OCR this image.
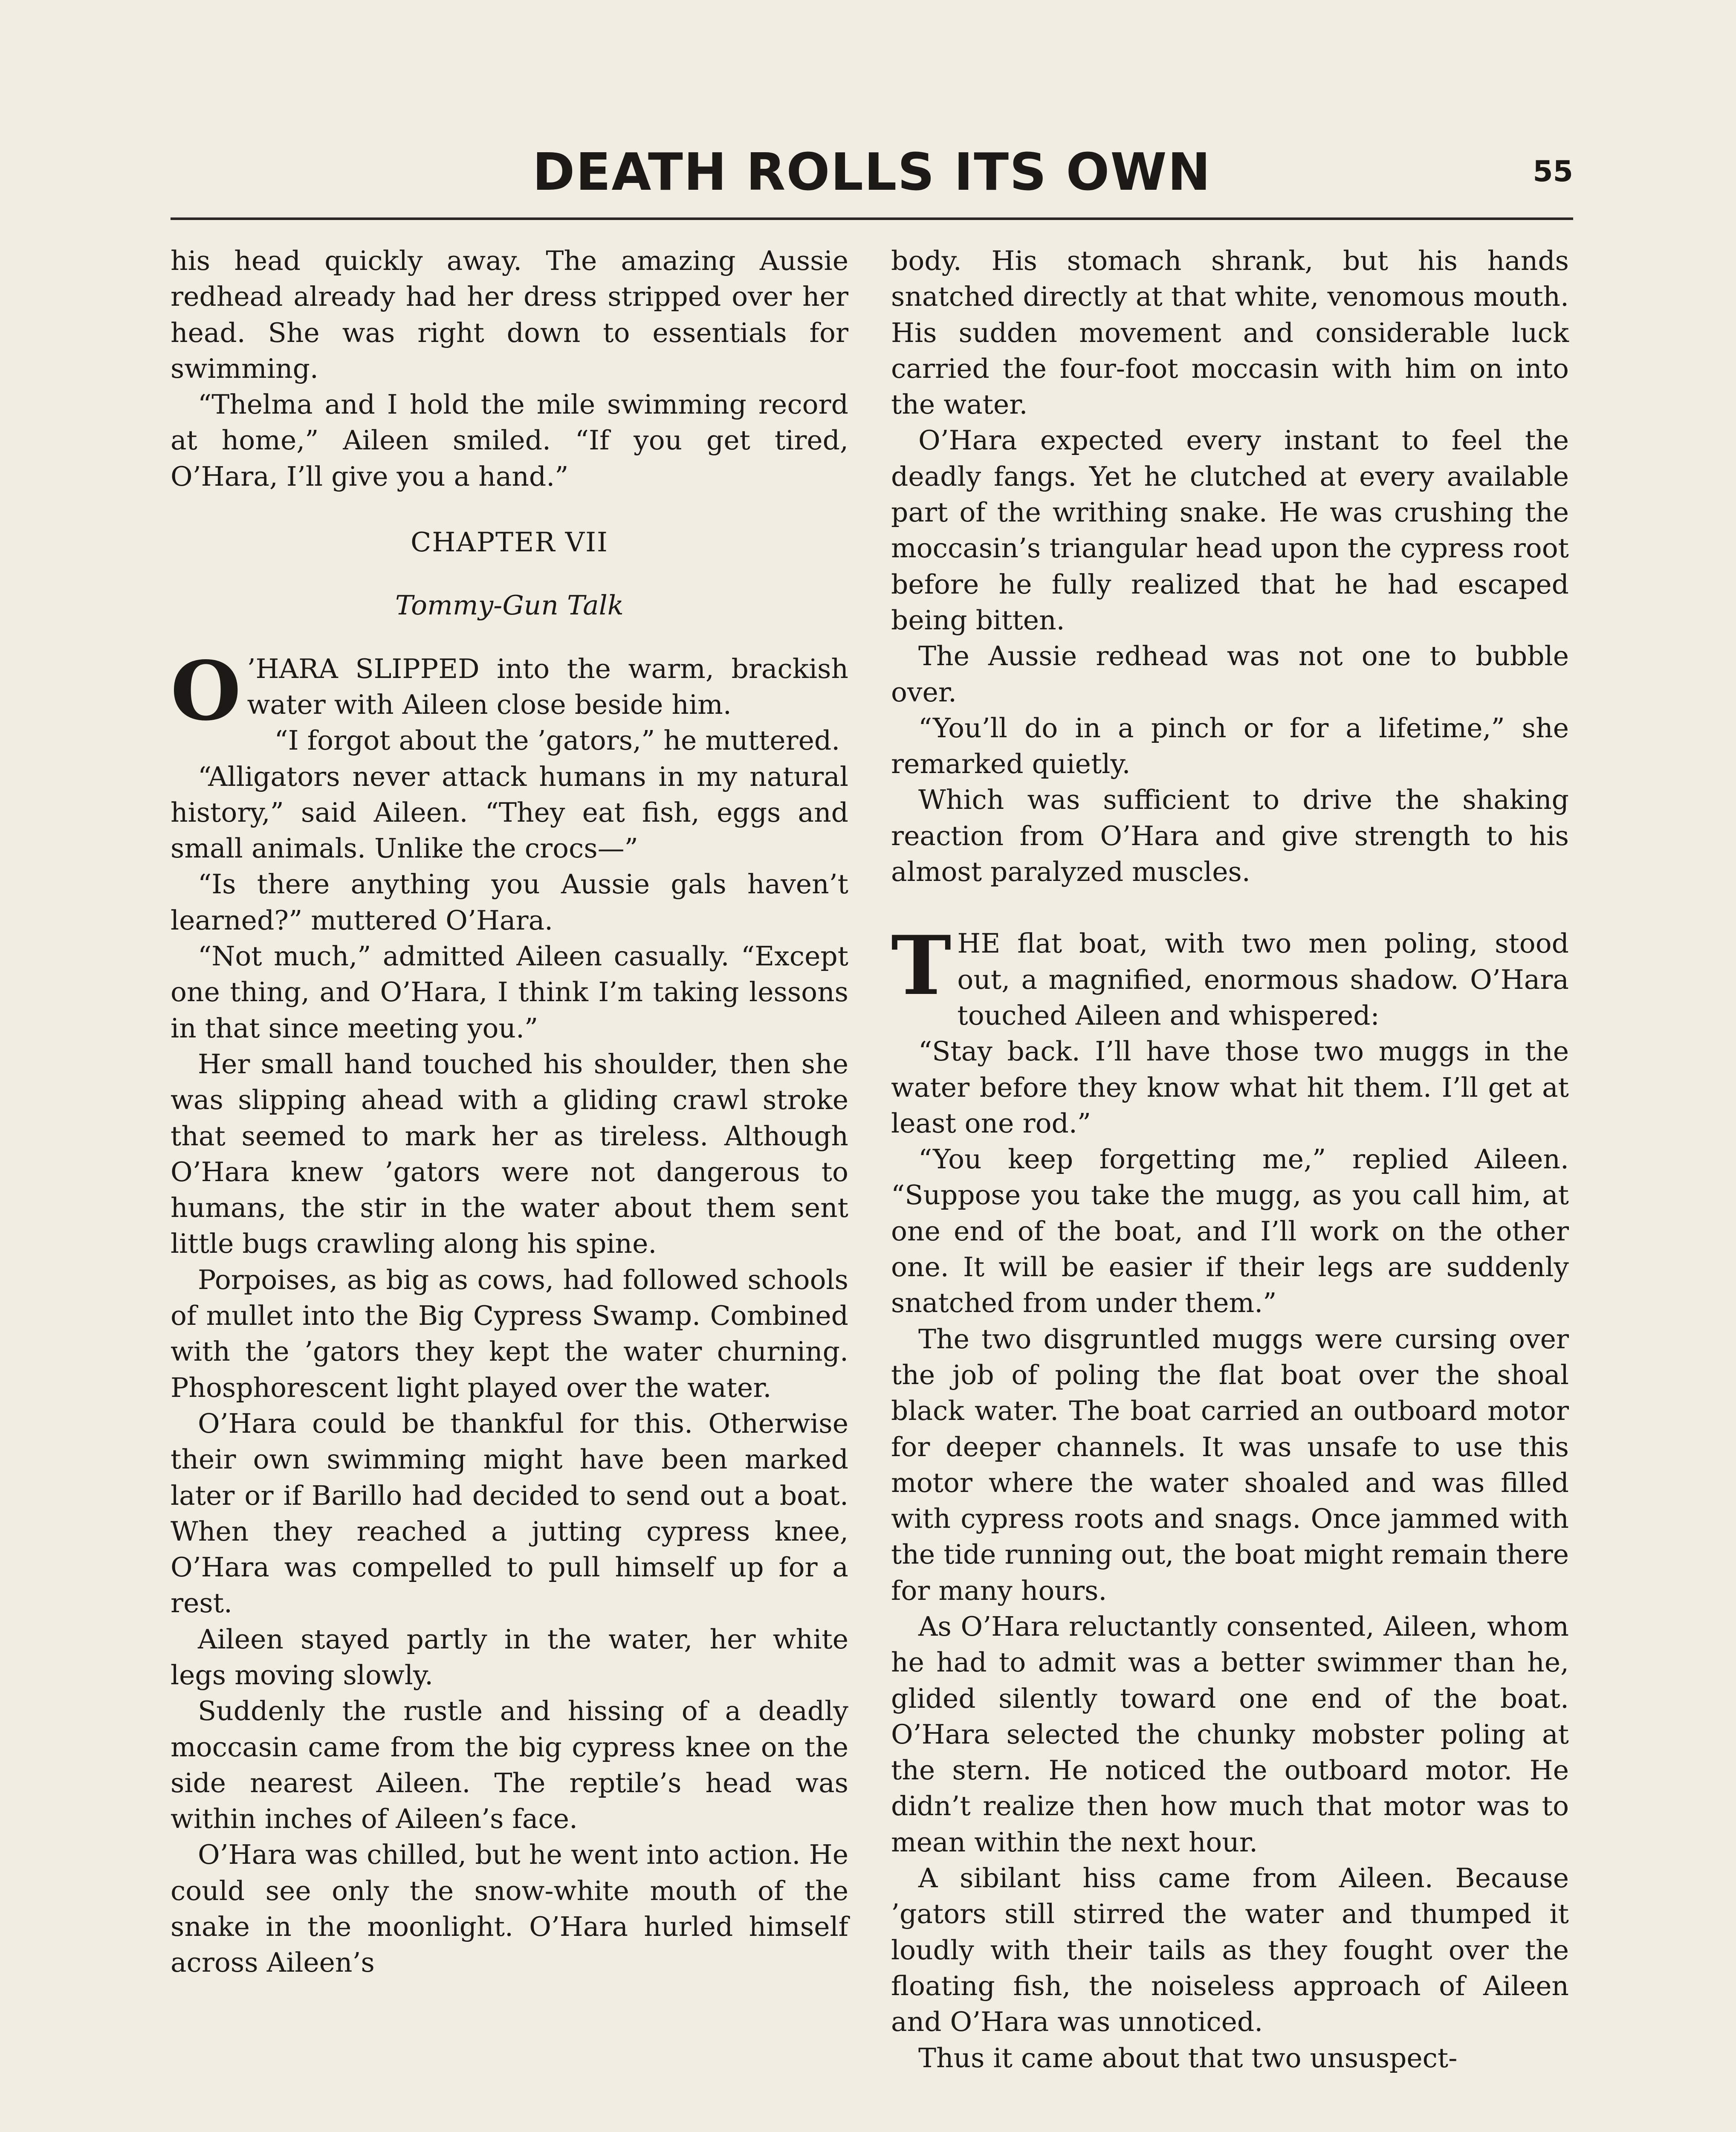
DEATH ROLLS ITS OWN	55

his head quickly away. The amazing Aussie redhead already had her dress stripped over her head. She was right down to essentials for swimming.

“Thelma and I hold the mile swimming record at home,” Aileen smiled. “If you get tired, O’Hara, I’ll give you a hand.”

CHAPTER VII

Tommy-Gun Talk

O ’HARA SLIPPED into the warm, brackish water with Aileen close beside him.

“I forgot about the ’gators,” he muttered.

“Alligators never attack humans in my natural history,” said Aileen. “They eat fish, eggs and small animals. Unlike the crocs—”

“Is there anything you Aussie gals haven’t learned?” muttered O’Hara.

“Not much,” admitted Aileen casually. “Except one thing, and O’Hara, I think I’m taking lessons in that since meeting you.”

Her small hand touched his shoulder, then she was slipping ahead with a gliding crawl stroke that seemed to mark her as tireless. Although O’Hara knew ’gators were not dangerous to humans, the stir in the water about them sent little bugs crawling along his spine.

Porpoises, as big as cows, had followed schools of mullet into the Big Cypress Swamp. Combined with the ’gators they kept the water churning. Phosphorescent light played over the water.

O’Hara could be thankful for this. Otherwise their own swimming might have been marked later or if Barillo had decided to send out a boat. When they reached a jutting cypress knee, O’Hara was compelled to pull himself up for a rest.

Aileen stayed partly in the water, her white legs moving slowly.

Suddenly the rustle and hissing of a deadly moccasin came from the big cypress knee on the side nearest Aileen. The reptile’s head was within inches of Aileen’s face.

O’Hara was chilled, but he went into action. He could see only the snow-white mouth of the snake in the moonlight. O’Hara hurled himself across Aileen’s

body. His stomach shrank, but his hands snatched directly at that white, venomous mouth. His sudden movement and considerable luck carried the four-foot moccasin with him on into the water.

O’Hara expected every instant to feel the deadly fangs. Yet he clutched at every available part of the writhing snake. He was crushing the moccasin’s triangular head upon the cypress root before he fully realized that he had escaped being bitten.

The Aussie redhead was not one to bubble over.

“You’ll do in a pinch or for a lifetime,” she remarked quietly.

Which was sufficient to drive the shaking reaction from O’Hara and give strength to his almost paralyzed muscles.

THE flat boat, with two men poling, stood out, a magnified, enormous shadow. O’Hara touched Aileen and whispered:

“Stay back. I’ll have those two muggs in the water before they know what hit them. I’ll get at least one rod.”

“You keep forgetting me,” replied Aileen. “Suppose you take the mugg, as you call him, at one end of the boat, and I’ll work on the other one. It will be easier if their legs are suddenly snatched from under them.”

The two disgruntled muggs were cursing over the job of poling the flat boat over the shoal black water. The boat carried an outboard motor for deeper channels. It was unsafe to use this motor where the water shoaled and was filled with cypress roots and snags. Once jammed with the tide running out, the boat might remain there for many hours.

As O’Hara reluctantly consented, Aileen, whom he had to admit was a better swimmer than he, glided silently toward one end of the boat. O’Hara selected the chunky mobster poling at the stern. He noticed the outboard motor. He didn’t realize then how much that motor was to mean within the next hour.

A sibilant hiss came from Aileen. Because ’gators still stirred the water and thumped it loudly with their tails as they fought over the floating fish, the noiseless approach of Aileen and O’Hara was unnoticed.

Thus it came about that two unsuspect-
